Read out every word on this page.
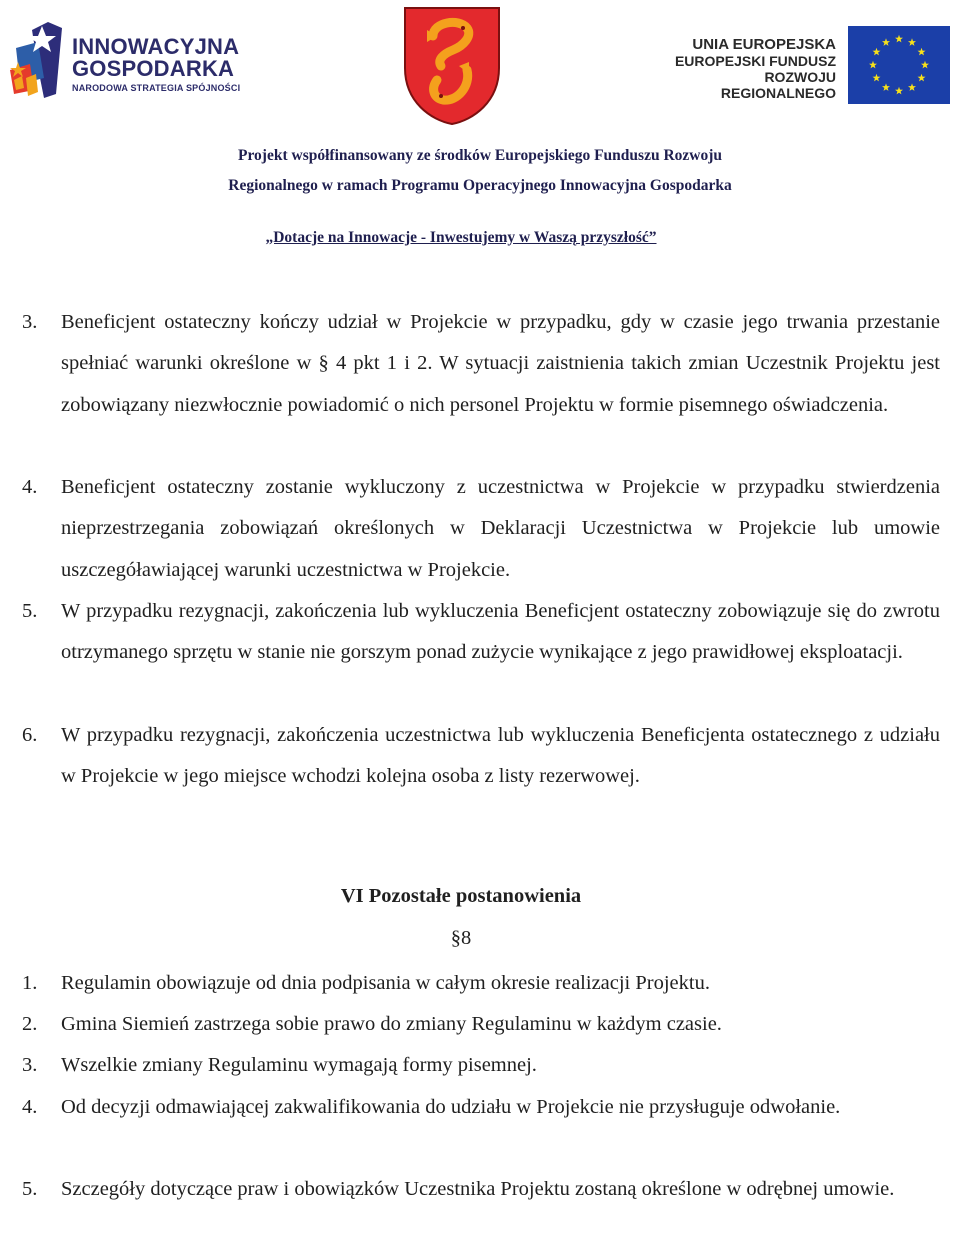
INNOWACYJNA
GOSPODARKA
NARODOWA STRATEGIA SPÓJNOŚCI
UNIA EUROPEJSKA
EUROPEJSKI FUNDUSZ
ROZWOJU REGIONALNEGO
Projekt współfinansowany ze środków Europejskiego Funduszu Rozwoju
Regionalnego w ramach Programu Operacyjnego Innowacyjna Gospodarka
„Dotacje na Innowacje - Inwestujemy w Waszą przyszłość”
3. Beneficjent ostateczny kończy udział w Projekcie w przypadku, gdy w czasie jego trwania przestanie spełniać warunki określone w § 4 pkt 1 i 2. W sytuacji zaistnienia takich zmian Uczestnik Projektu jest zobowiązany niezwłocznie powiadomić o nich personel Projektu w formie pisemnego oświadczenia.
4. Beneficjent ostateczny zostanie wykluczony z uczestnictwa w Projekcie w przypadku stwierdzenia nieprzestrzegania zobowiązań określonych w Deklaracji Uczestnictwa w Projekcie lub umowie uszczegóławiającej warunki uczestnictwa w Projekcie.
5. W przypadku rezygnacji, zakończenia lub wykluczenia Beneficjent ostateczny zobowiązuje się do zwrotu otrzymanego sprzętu w stanie nie gorszym ponad zużycie wynikające z jego prawidłowej eksploatacji.
6. W przypadku rezygnacji, zakończenia uczestnictwa lub wykluczenia Beneficjenta ostatecznego z udziału w Projekcie w jego miejsce wchodzi kolejna osoba z listy rezerwowej.
VI Pozostałe postanowienia
§8
1. Regulamin obowiązuje od dnia podpisania w całym okresie realizacji Projektu.
2. Gmina Siemień zastrzega sobie prawo do zmiany Regulaminu w każdym czasie.
3. Wszelkie zmiany Regulaminu wymagają formy pisemnej.
4. Od decyzji odmawiającej zakwalifikowania do udziału w Projekcie nie przysługuje odwołanie.
5. Szczegóły dotyczące praw i obowiązków Uczestnika Projektu zostaną określone w odrębnej umowie.
